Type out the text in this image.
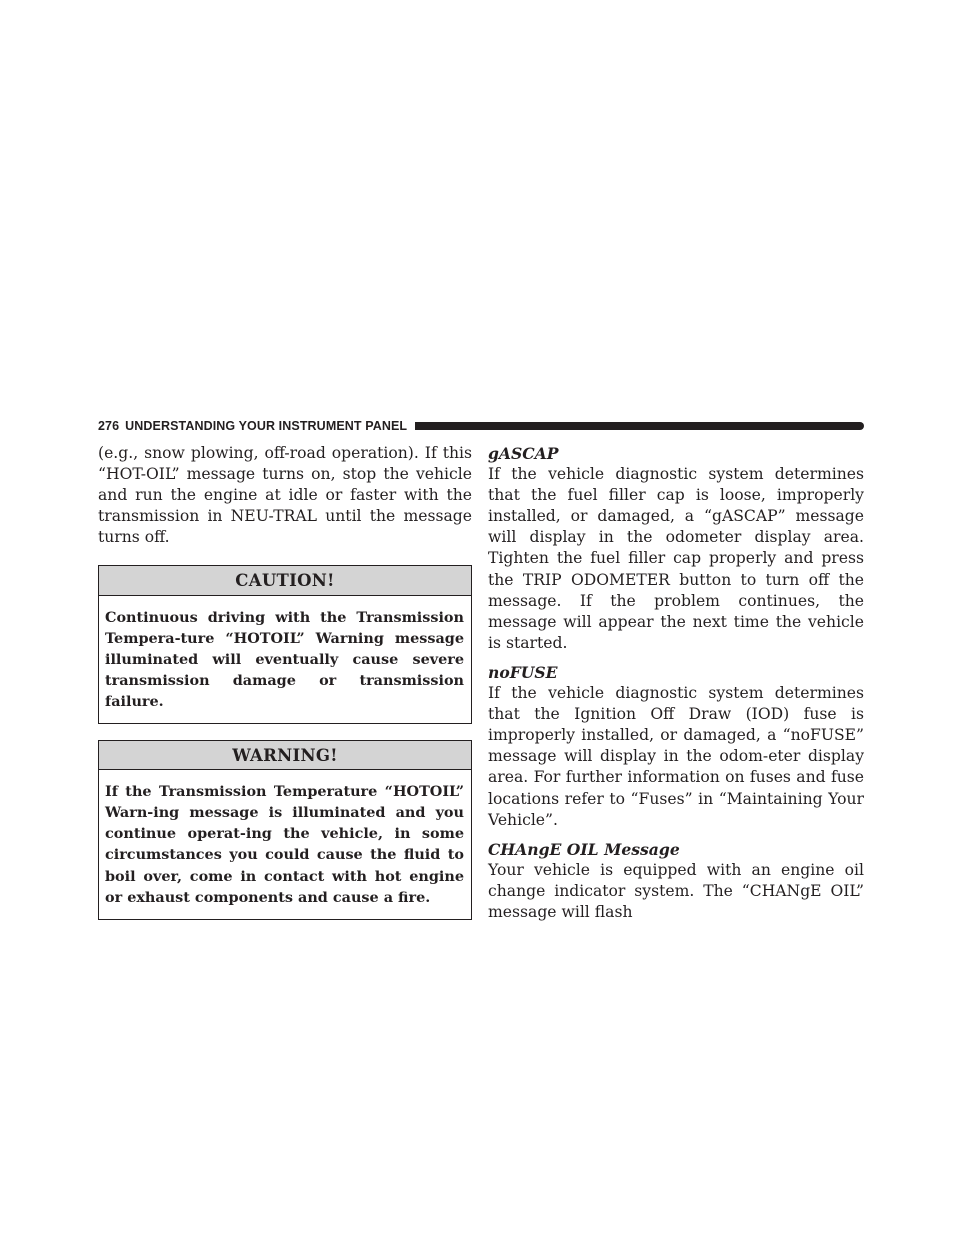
276 UNDERSTANDING YOUR INSTRUMENT PANEL

(e.g., snow plowing, off-road operation). If this “HOT-OIL” message turns on, stop the vehicle and run the engine at idle or faster with the transmission in NEU-TRAL until the message turns off.

CAUTION!
Continuous driving with the Transmission Tempera-ture “HOTOIL” Warning message illuminated will eventually cause severe transmission damage or transmission failure.
WARNING!
If the Transmission Temperature “HOTOIL” Warn-ing message is illuminated and you continue operat-ing the vehicle, in some circumstances you could cause the fluid to boil over, come in contact with hot engine or exhaust components and cause a fire.

gASCAP

If the vehicle diagnostic system determines that the fuel filler cap is loose, improperly installed, or damaged, a “gASCAP” message will display in the odometer display area. Tighten the fuel filler cap properly and press the TRIP ODOMETER button to turn off the message. If the problem continues, the message will appear the next time the vehicle is started.

noFUSE

If the vehicle diagnostic system determines that the Ignition Off Draw (IOD) fuse is improperly installed, or damaged, a “noFUSE” message will display in the odom-eter display area. For further information on fuses and fuse locations refer to “Fuses” in “Maintaining Your Vehicle”.

CHAngE OIL Message

Your vehicle is equipped with an engine oil change indicator system. The “CHANgE OIL” message will flash
